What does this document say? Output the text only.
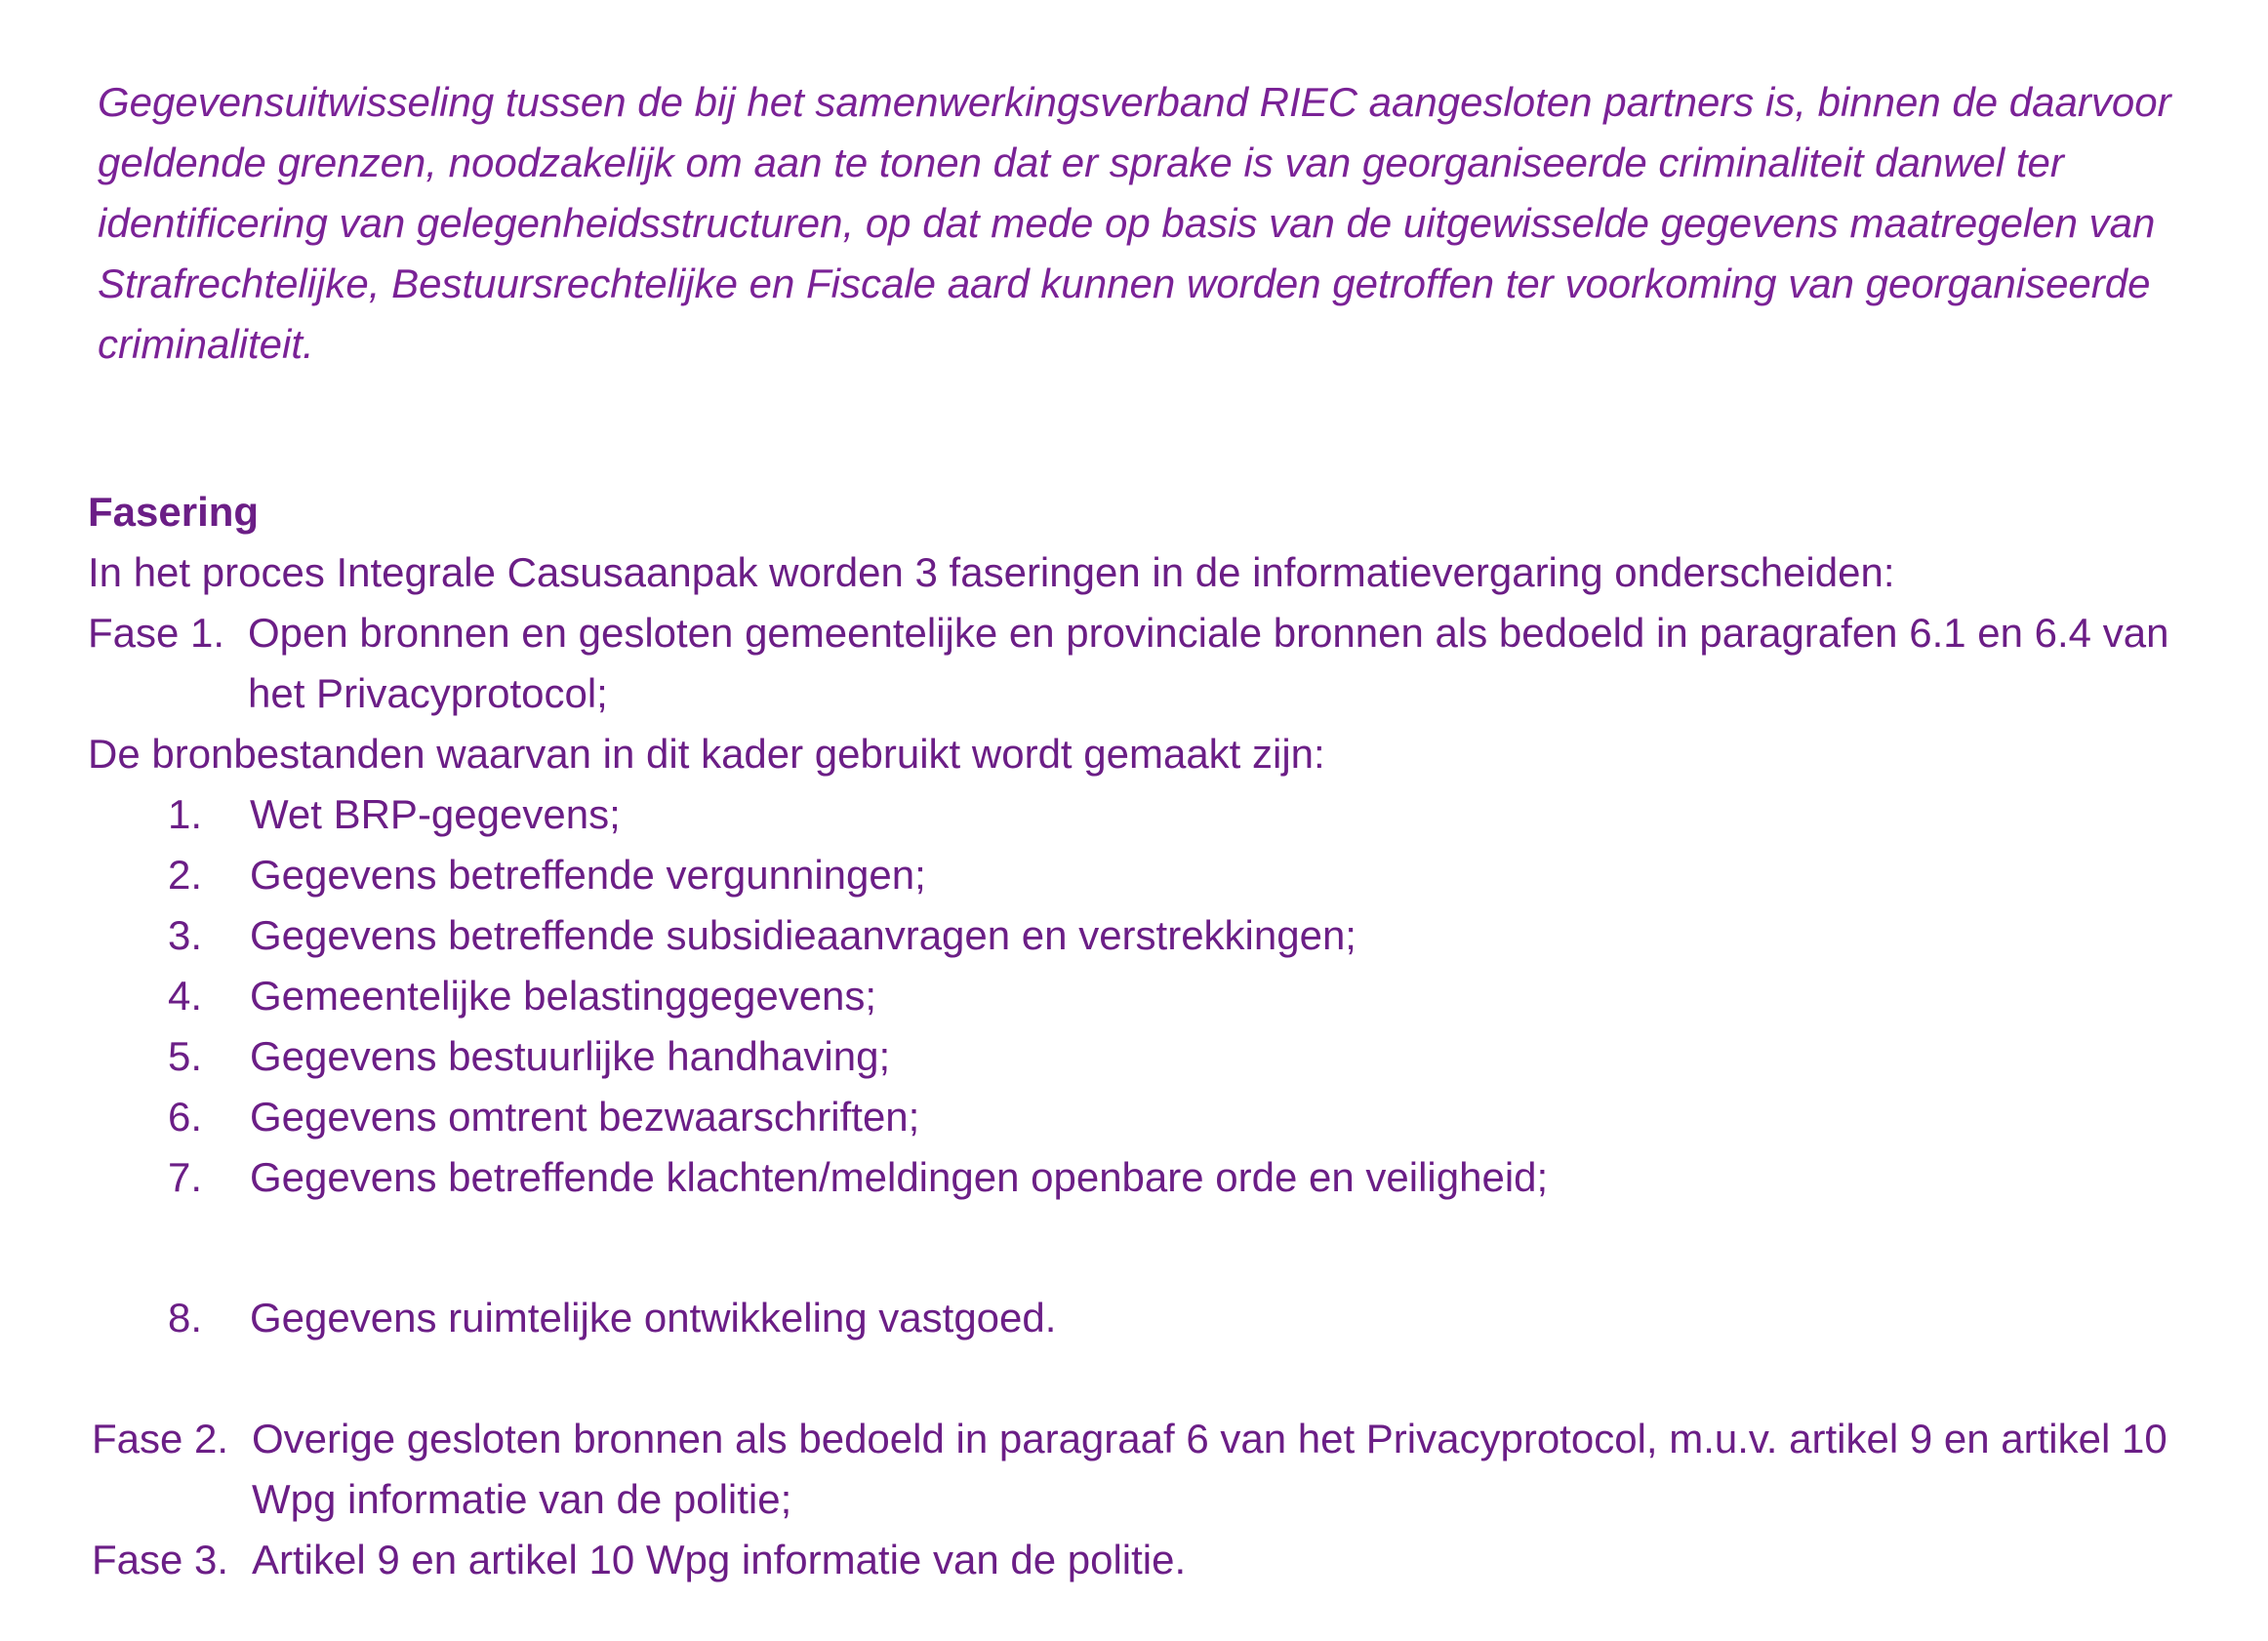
Gegevensuitwisseling tussen de bij het samenwerkingsverband RIEC aangesloten partners is, binnen de daarvoor geldende grenzen, noodzakelijk om aan te tonen dat er sprake is van georganiseerde criminaliteit danwel ter identificering van gelegenheidsstructuren, op dat mede op basis van de uitgewisselde gegevens maatregelen van Strafrechtelijke, Bestuursrechtelijke en Fiscale aard kunnen worden getroffen ter voorkoming van georganiseerde criminaliteit.

Fasering

In het proces Integrale Casusaanpak worden 3 faseringen in de informatievergaring onderscheiden:

Fase 1. Open bronnen en gesloten gemeentelijke en provinciale bronnen als bedoeld in paragrafen 6.1 en 6.4 van het Privacyprotocol;

De bronbestanden waarvan in dit kader gebruikt wordt gemaakt zijn:

1.	Wet BRP-gegevens;
2.	Gegevens betreffende vergunningen;
3.	Gegevens betreffende subsidieaanvragen en verstrekkingen;
4.	Gemeentelijke belastinggegevens;
5.	Gegevens bestuurlijke handhaving;
6.	Gegevens omtrent bezwaarschriften;
7.	Gegevens betreffende klachten/meldingen openbare orde en veiligheid;
8.	Gegevens ruimtelijke ontwikkeling vastgoed.
Fase 2. Overige gesloten bronnen als bedoeld in paragraaf 6 van het Privacyprotocol, m.u.v. artikel 9 en artikel 10 Wpg informatie van de politie;
Fase 3. Artikel 9 en artikel 10 Wpg informatie van de politie.
